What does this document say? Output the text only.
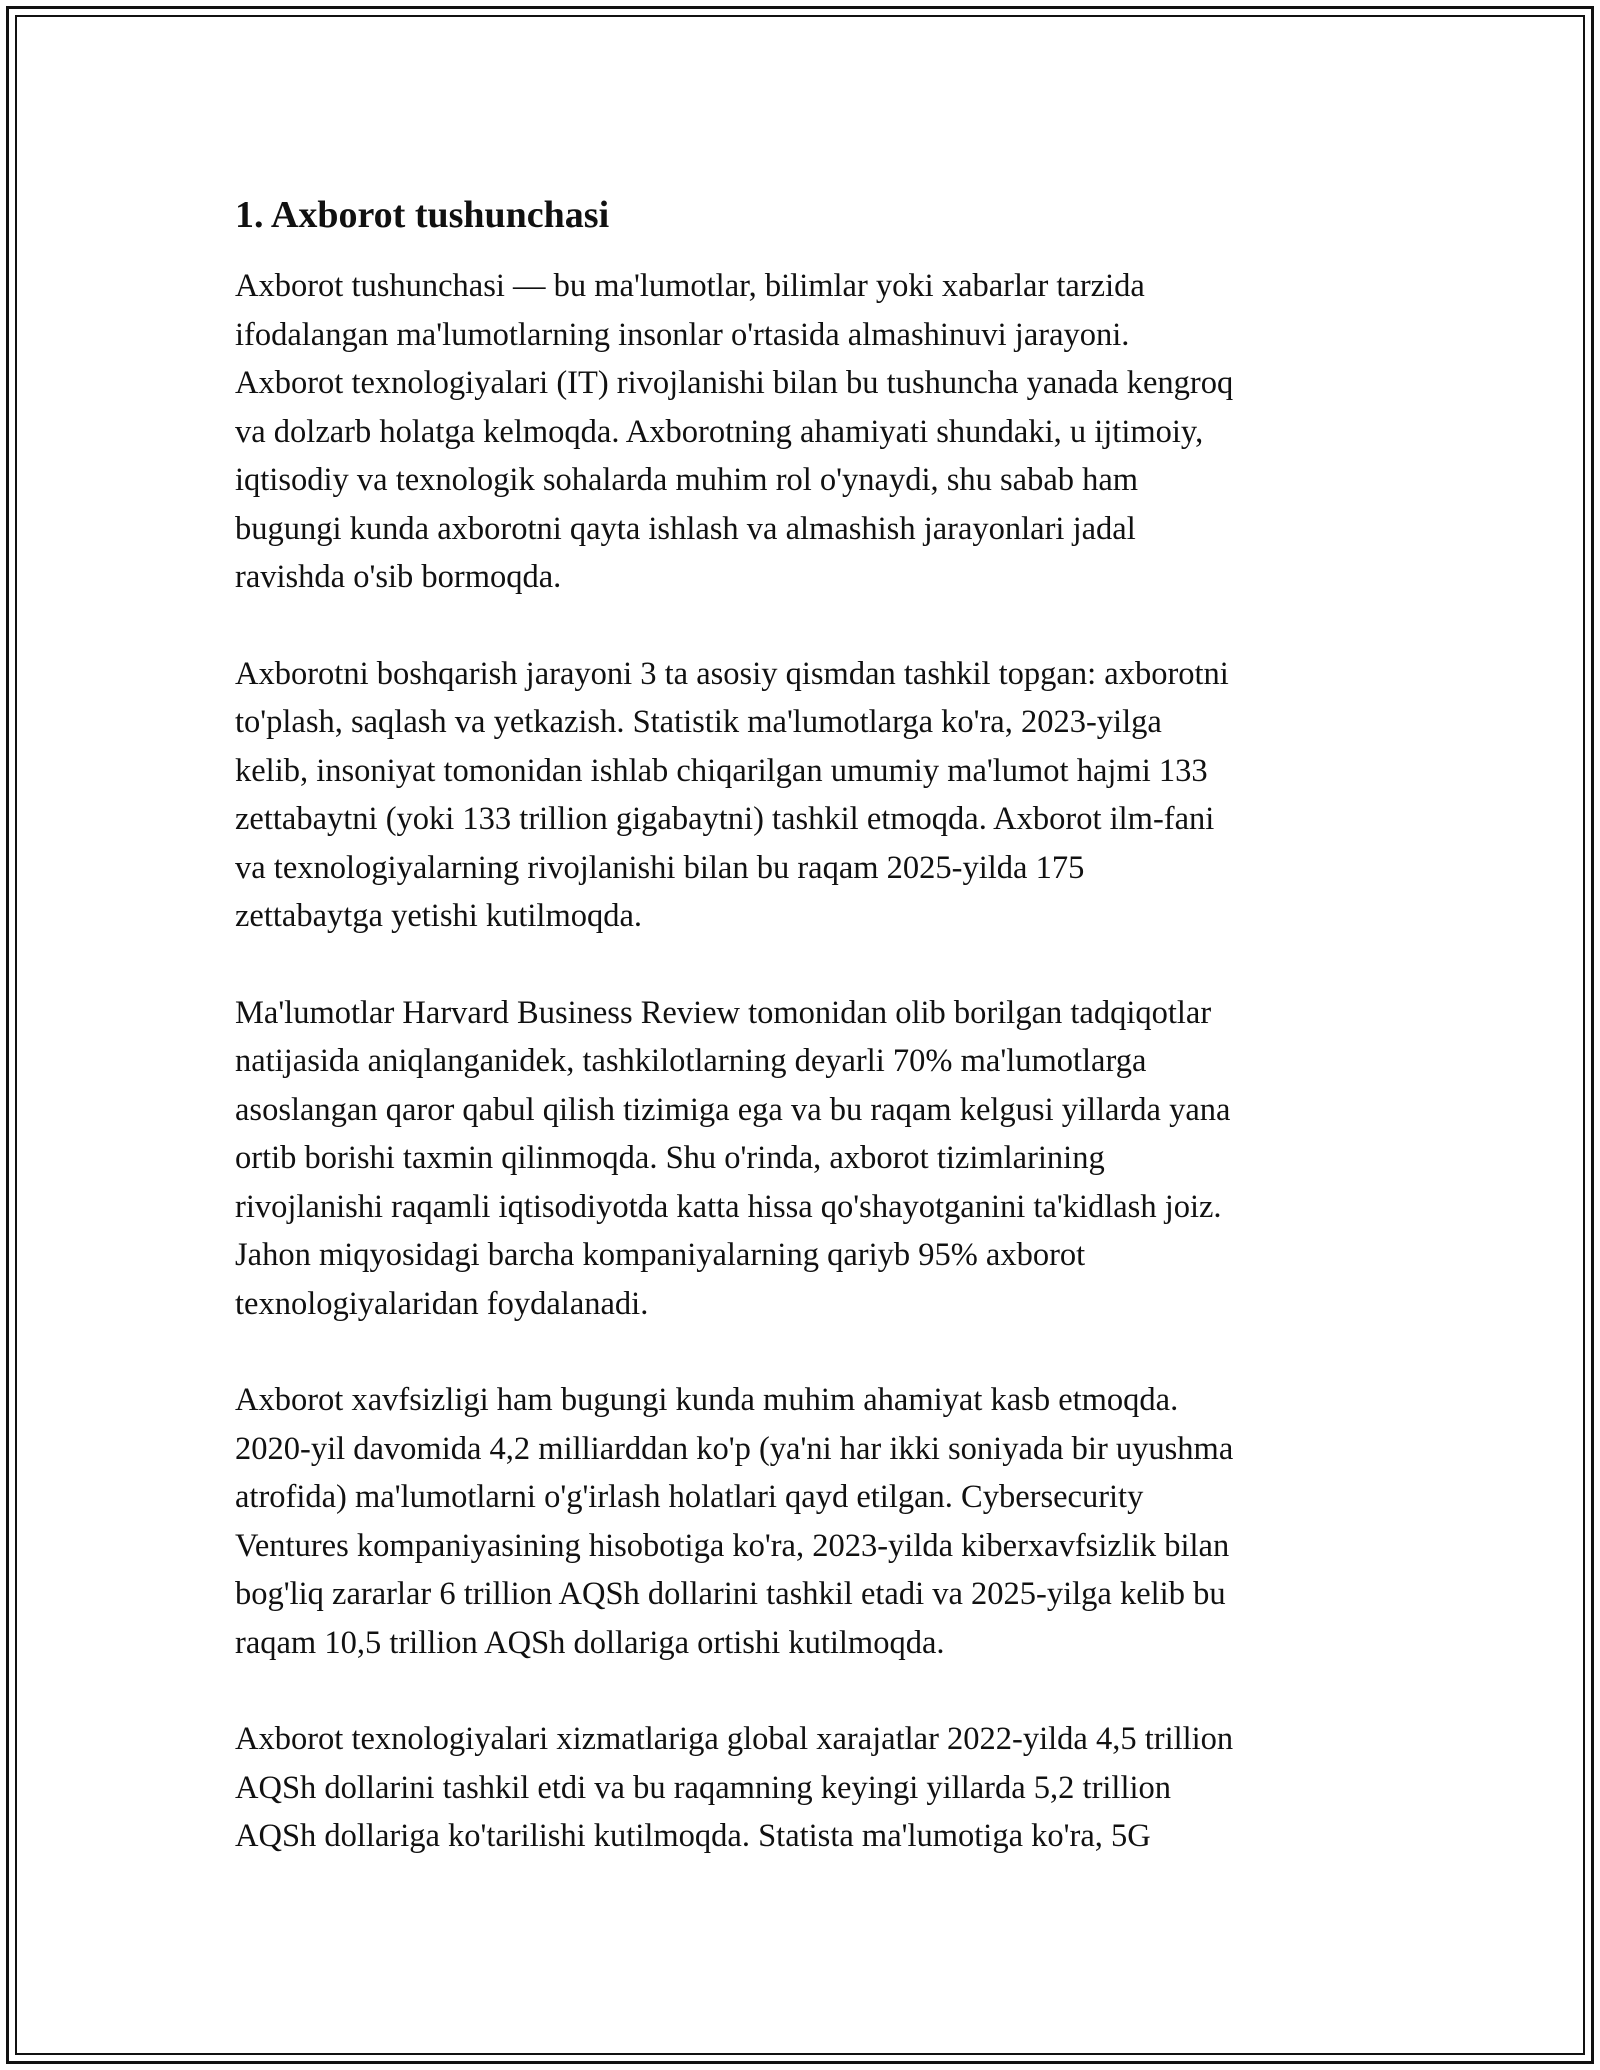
1. Axborot tushunchasi

Axborot tushunchasi — bu ma'lumotlar, bilimlar yoki xabarlar tarzida
ifodalangan ma'lumotlarning insonlar o'rtasida almashinuvi jarayoni.
Axborot texnologiyalari (IT) rivojlanishi bilan bu tushuncha yanada kengroq
va dolzarb holatga kelmoqda. Axborotning ahamiyati shundaki, u ijtimoiy,
iqtisodiy va texnologik sohalarda muhim rol o'ynaydi, shu sabab ham
bugungi kunda axborotni qayta ishlash va almashish jarayonlari jadal
ravishda o'sib bormoqda.

Axborotni boshqarish jarayoni 3 ta asosiy qismdan tashkil topgan: axborotni
to'plash, saqlash va yetkazish. Statistik ma'lumotlarga ko'ra, 2023-yilga
kelib, insoniyat tomonidan ishlab chiqarilgan umumiy ma'lumot hajmi 133
zettabaytni (yoki 133 trillion gigabaytni) tashkil etmoqda. Axborot ilm-fani
va texnologiyalarning rivojlanishi bilan bu raqam 2025-yilda 175
zettabaytga yetishi kutilmoqda.

Ma'lumotlar Harvard Business Review tomonidan olib borilgan tadqiqotlar
natijasida aniqlanganidek, tashkilotlarning deyarli 70% ma'lumotlarga
asoslangan qaror qabul qilish tizimiga ega va bu raqam kelgusi yillarda yana
ortib borishi taxmin qilinmoqda. Shu o'rinda, axborot tizimlarining
rivojlanishi raqamli iqtisodiyotda katta hissa qo'shayotganini ta'kidlash joiz.
Jahon miqyosidagi barcha kompaniyalarning qariyb 95% axborot
texnologiyalaridan foydalanadi.

Axborot xavfsizligi ham bugungi kunda muhim ahamiyat kasb etmoqda.
2020-yil davomida 4,2 milliarddan ko'p (ya'ni har ikki soniyada bir uyushma
atrofida) ma'lumotlarni o'g'irlash holatlari qayd etilgan. Cybersecurity
Ventures kompaniyasining hisobotiga ko'ra, 2023-yilda kiberxavfsizlik bilan
bog'liq zararlar 6 trillion AQSh dollarini tashkil etadi va 2025-yilga kelib bu
raqam 10,5 trillion AQSh dollariga ortishi kutilmoqda.

Axborot texnologiyalari xizmatlariga global xarajatlar 2022-yilda 4,5 trillion
AQSh dollarini tashkil etdi va bu raqamning keyingi yillarda 5,2 trillion
AQSh dollariga ko'tarilishi kutilmoqda. Statista ma'lumotiga ko'ra, 5G
